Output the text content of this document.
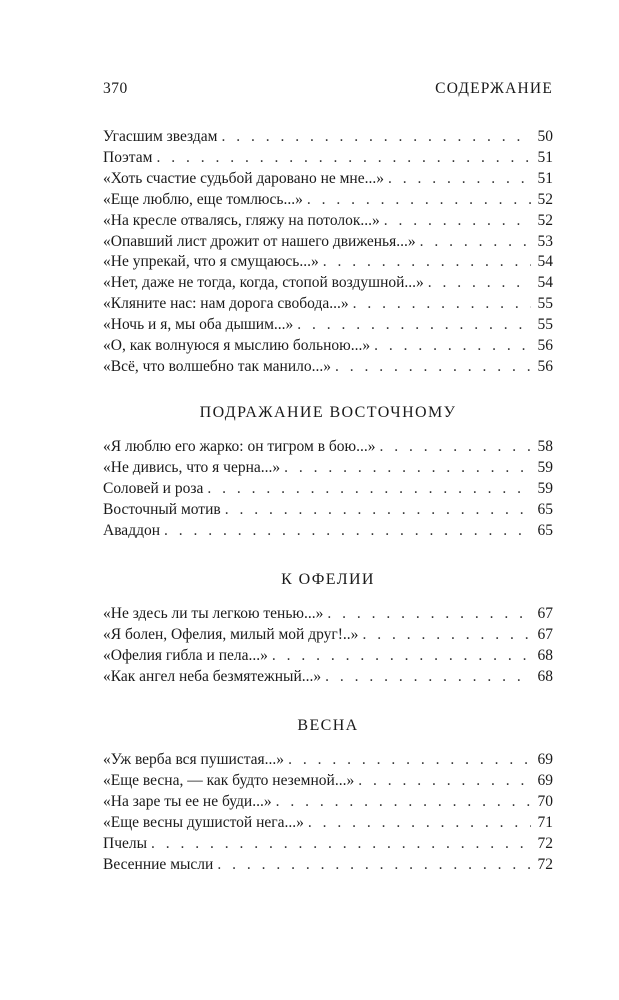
370	СОДЕРЖАНИЕ
Угасшим звездам . . .	50
Поэтам . . .	51
«Хоть счастие судьбой даровано не мне...» . . .	51
«Еще люблю, еще томлюсь...» . . .	52
«На кресле отвалясь, гляжу на потолок...» . . .	52
«Опавший лист дрожит от нашего движенья...» . . .	53
«Не упрекай, что я смущаюсь...» . . .	54
«Нет, даже не тогда, когда, стопой воздушной...» . . .	54
«Кляните нас: нам дорога свобода...» . . .	55
«Ночь и я, мы оба дышим...» . . .	55
«О, как волнуюся я мыслию больною...» . . .	56
«Всё, что волшебно так манило...» . . .	56
ПОДРАЖАНИЕ ВОСТОЧНОМУ
«Я люблю его жарко: он тигром в бою...» . . .	58
«Не дивись, что я черна...» . . .	59
Соловей и роза . . .	59
Восточный мотив . . .	65
Аваддон . . .	65
К ОФЕЛИИ
«Не здесь ли ты легкою тенью...» . . .	67
«Я болен, Офелия, милый мой друг!..» . . .	67
«Офелия гибла и пела...» . . .	68
«Как ангел неба безмятежный...» . . .	68
ВЕСНА
«Уж верба вся пушистая...» . . .	69
«Еще весна, — как будто неземной...» . . .	69
«На заре ты ее не буди...» . . .	70
«Еще весны душистой нега...» . . .	71
Пчелы . . .	72
Весенние мысли . . .	72
